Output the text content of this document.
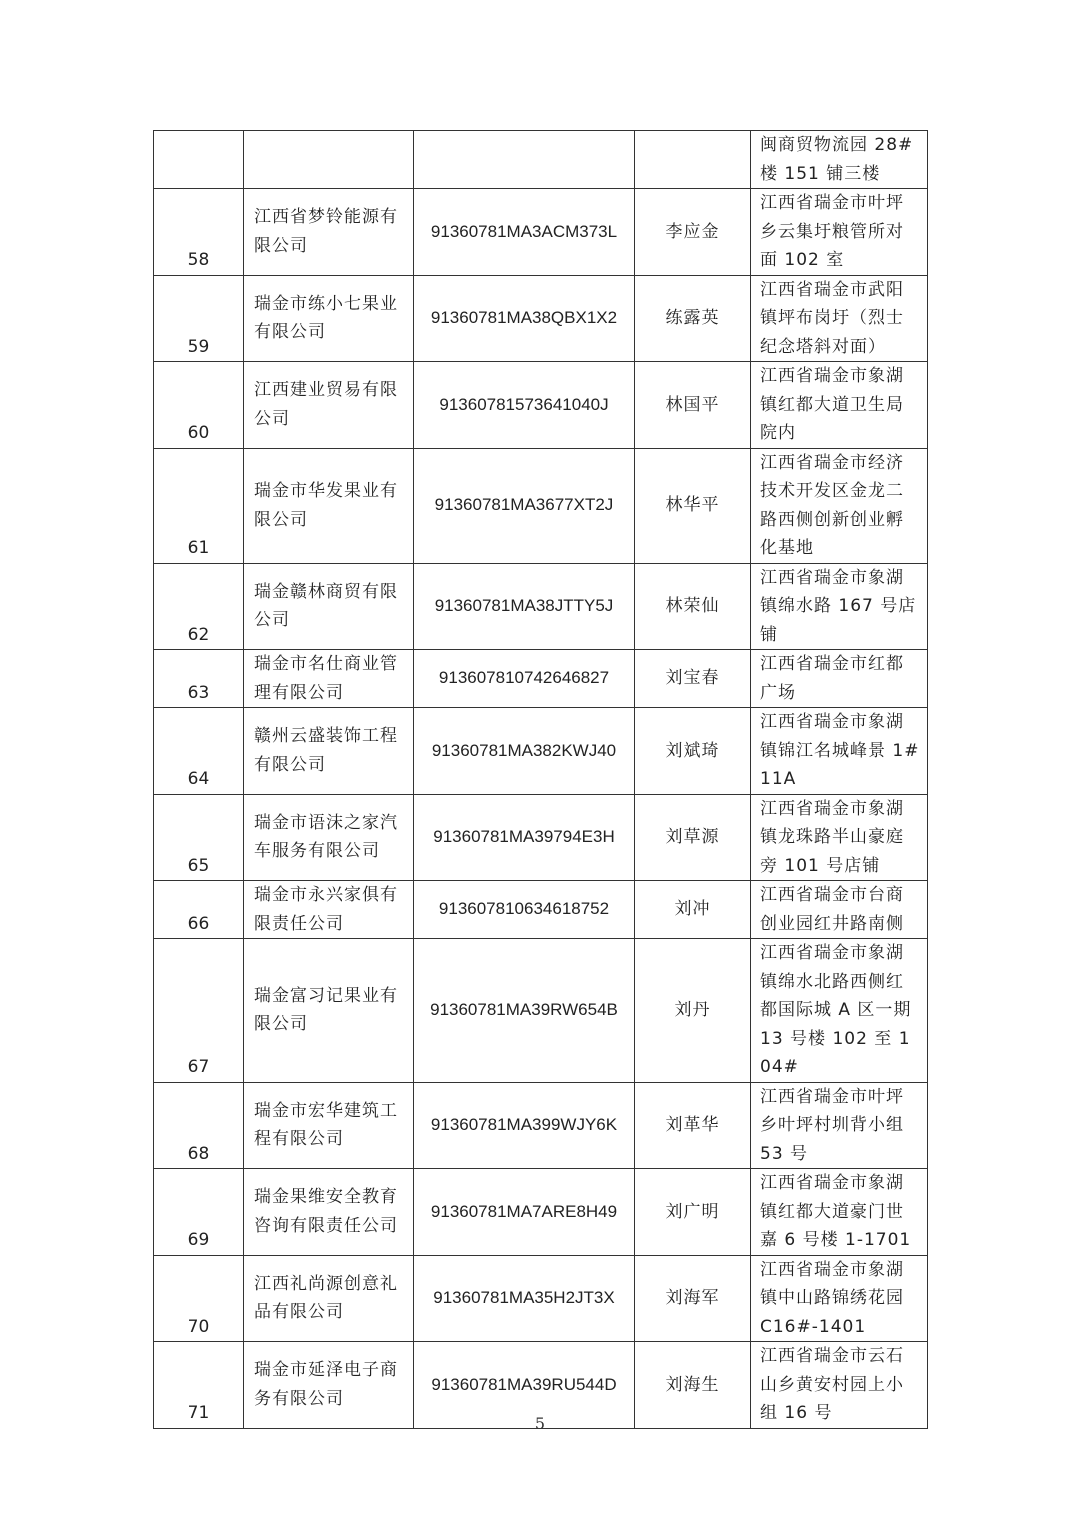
				闽商贸物流园 28#楼 151 铺三楼
58	江西省梦铃能源有限公司	91360781MA3ACM373L	李应金	江西省瑞金市叶坪乡云集圩粮管所对面 102 室
59	瑞金市练小七果业有限公司	91360781MA38QBX1X2	练露英	江西省瑞金市武阳镇坪布岗圩（烈士纪念塔斜对面）
60	江西建业贸易有限公司	91360781573641040J	林国平	江西省瑞金市象湖镇红都大道卫生局院内
61	瑞金市华发果业有限公司	91360781MA3677XT2J	林华平	江西省瑞金市经济技术开发区金龙二路西侧创新创业孵化基地
62	瑞金赣林商贸有限公司	91360781MA38JTTY5J	林荣仙	江西省瑞金市象湖镇绵水路 167 号店铺
63	瑞金市名仕商业管理有限公司	913607810742646827	刘宝春	江西省瑞金市红都广场
64	赣州云盛装饰工程有限公司	91360781MA382KWJ40	刘斌琦	江西省瑞金市象湖镇锦江名城峰景 1#11A
65	瑞金市语沫之家汽车服务有限公司	91360781MA39794E3H	刘草源	江西省瑞金市象湖镇龙珠路半山豪庭旁 101 号店铺
66	瑞金市永兴家俱有限责任公司	913607810634618752	刘冲	江西省瑞金市台商创业园红井路南侧
67	瑞金富习记果业有限公司	91360781MA39RW654B	刘丹	江西省瑞金市象湖镇绵水北路西侧红都国际城 A 区一期 13 号楼 102 至 104#
68	瑞金市宏华建筑工程有限公司	91360781MA399WJY6K	刘革华	江西省瑞金市叶坪乡叶坪村圳背小组 53 号
69	瑞金果维安全教育咨询有限责任公司	91360781MA7ARE8H49	刘广明	江西省瑞金市象湖镇红都大道豪门世嘉 6 号楼 1-1701
70	江西礼尚源创意礼品有限公司	91360781MA35H2JT3X	刘海军	江西省瑞金市象湖镇中山路锦绣花园 C16#-1401
71	瑞金市延泽电子商务有限公司	91360781MA39RU544D	刘海生	江西省瑞金市云石山乡黄安村园上小组 16 号
5
